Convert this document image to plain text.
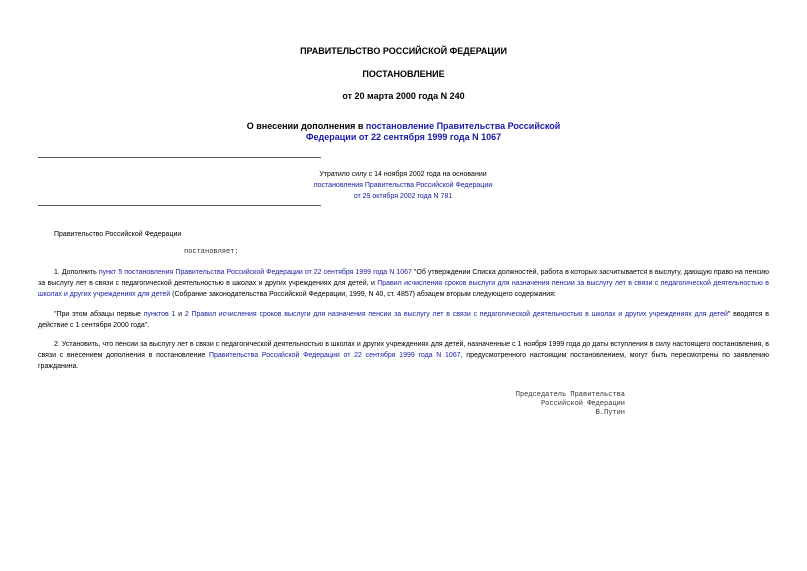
ПРАВИТЕЛЬСТВО РОССИЙСКОЙ ФЕДЕРАЦИИ
ПОСТАНОВЛЕНИЕ
от 20 марта 2000 года N 240
О внесении дополнения в постановление Правительства Российской
Федерации от 22 сентября 1999 года N 1067
Утратило силу с 14 ноября 2002 года на основании
постановления Правительства Российской Федерации
от 29 октября 2002 года N 781
Правительство Российской Федерации
постановляет:
1. Дополнить пункт 5 постановления Правительства Российской Федерации от 22 сентября 1999 года N 1067 "Об утверждении Списка должностей, работа в которых засчитывается в выслугу, дающую право на пенсию за выслугу лет в связи с педагогической деятельностью в школах и других учреждениях для детей, и Правил исчисления сроков выслуги для назначения пенсии за выслугу лет в связи с педагогической деятельностью в школах и других учреждениях для детей (Собрание законодательства Российской Федерации, 1999, N 40, ст. 4857) абзацем вторым следующего содержания:
"При этом абзацы первые пунктов 1 и 2 Правил исчисления сроков выслуги для назначения пенсии за выслугу лет в связи с педагогической деятельностью в школах и других учреждениях для детей" вводятся в действие с 1 сентября 2000 года".
2. Установить, что пенсии за выслугу лет в связи с педагогической деятельностью в школах и других учреждениях для детей, назначенные с 1 ноября 1999 года до даты вступления в силу настоящего постановления, в связи с внесением дополнения в постановление Правительства Российской Федерации от 22 сентября 1999 года N 1067, предусмотренного настоящим постановлением, могут быть пересмотрены по заявлению гражданина.
Председатель Правительства
Российской Федерации
В.Путин
